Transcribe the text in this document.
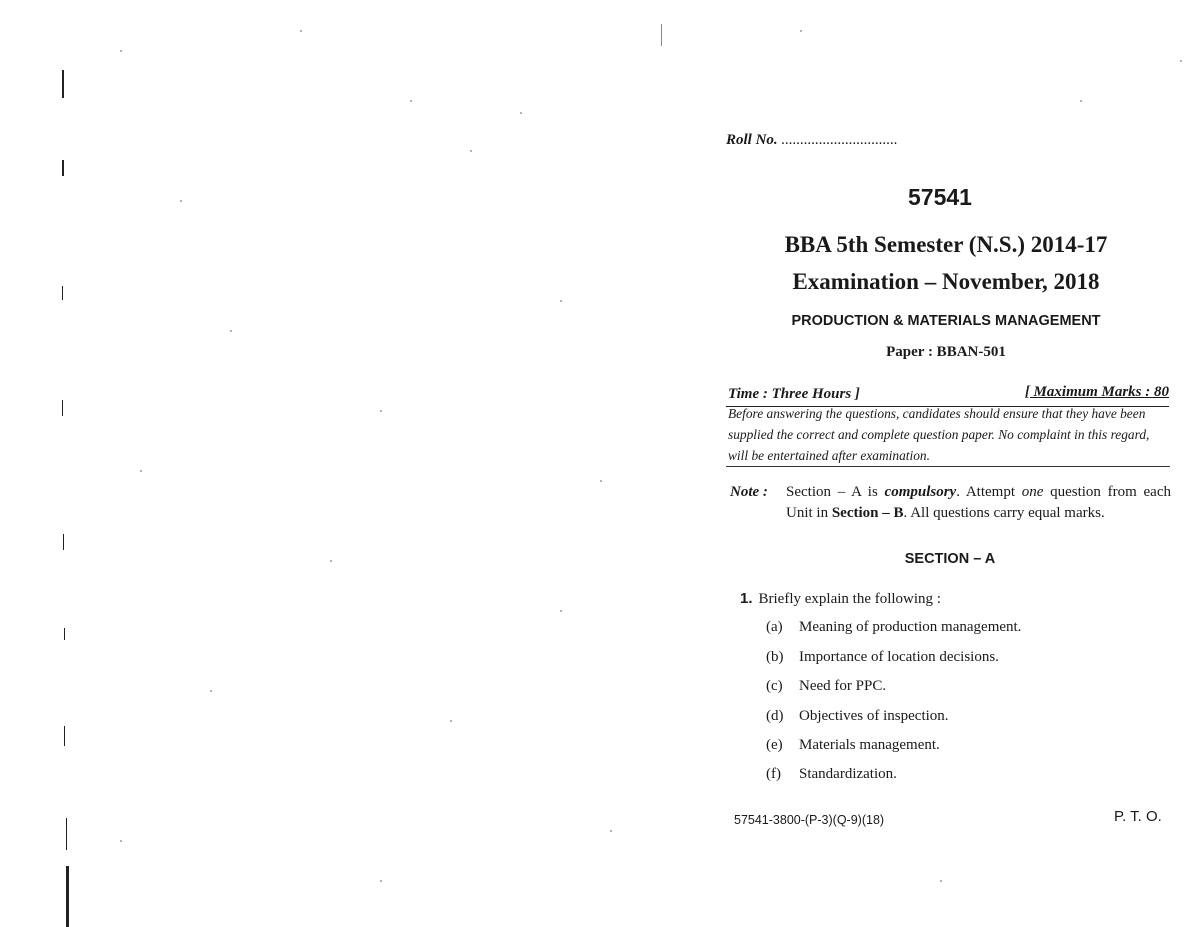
Roll No. ...............................
57541
BBA 5th Semester (N.S.) 2014-17
Examination – November, 2018
PRODUCTION & MATERIALS MANAGEMENT
Paper : BBAN-501
Time : Three Hours ]	[ Maximum Marks : 80
Before answering the questions, candidates should ensure that they have been supplied the correct and complete question paper. No complaint in this regard, will be entertained after examination.
Note : Section – A is compulsory. Attempt one question from each Unit in Section – B. All questions carry equal marks.
SECTION – A
1. Briefly explain the following :
(a) Meaning of production management.
(b) Importance of location decisions.
(c) Need for PPC.
(d) Objectives of inspection.
(e) Materials management.
(f) Standardization.
57541-3800-(P-3)(Q-9)(18)	P. T. O.
